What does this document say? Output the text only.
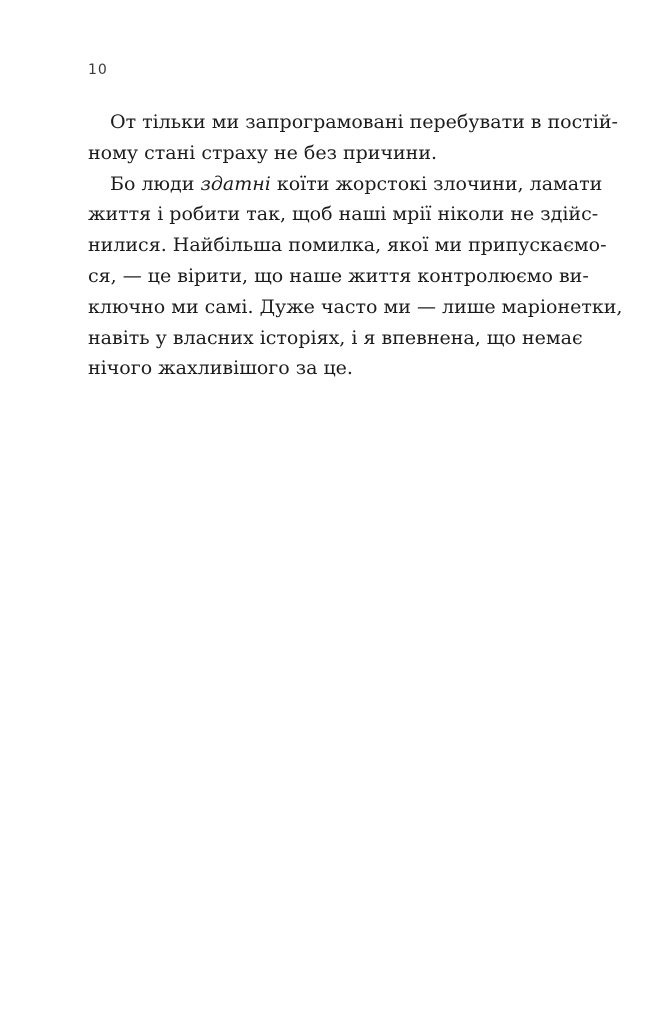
10
От тільки ми запрограмовані перебувати в постій-
ному стані страху не без причини.
Бо люди здатні коїти жорстокі злочини, ламати
життя і робити так, щоб наші мрії ніколи не здійс-
нилися. Найбільша помилка, якої ми припускаємо-
ся, — це вірити, що наше життя контролюємо ви-
ключно ми самі. Дуже часто ми — лише маріонетки,
навіть у власних історіях, і я впевнена, що немає
нічого жахливішого за це.
